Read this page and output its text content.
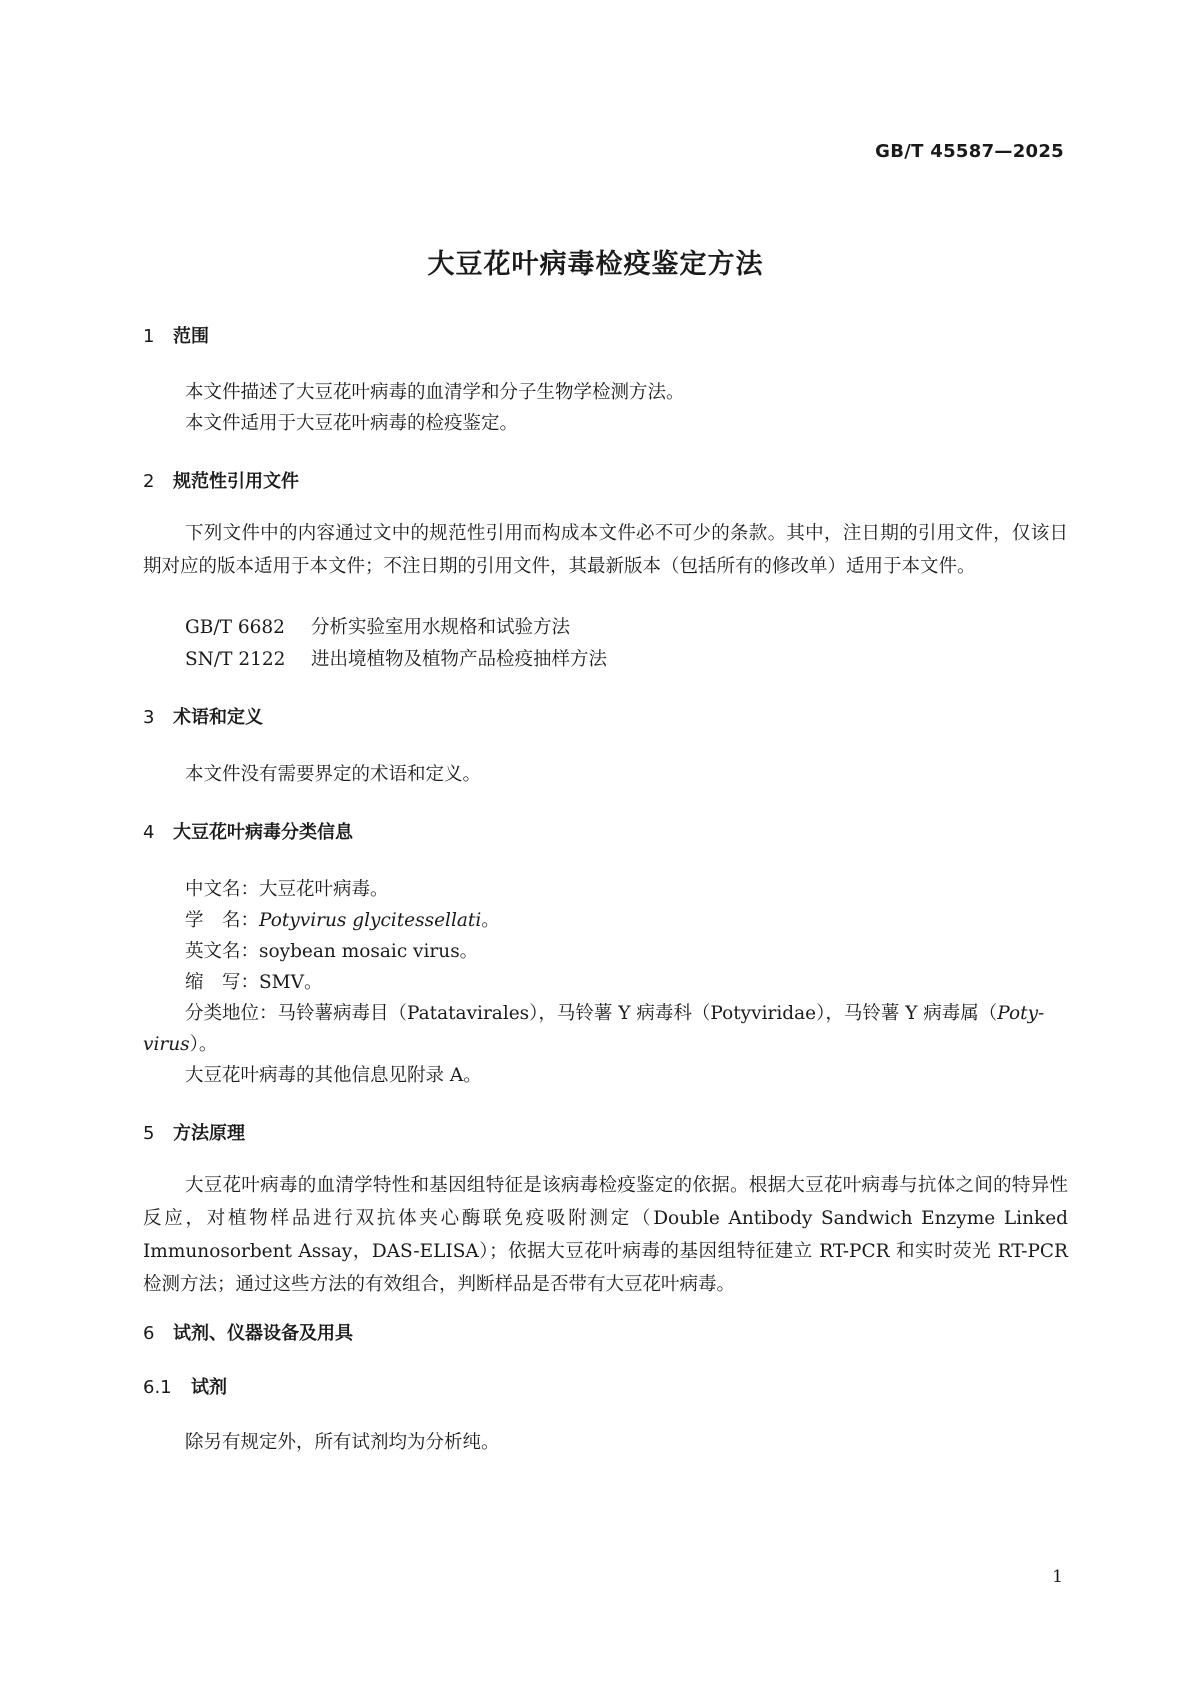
GB/T 45587—2025
大豆花叶病毒检疫鉴定方法
1 范围
本文件描述了大豆花叶病毒的血清学和分子生物学检测方法。
本文件适用于大豆花叶病毒的检疫鉴定。
2 规范性引用文件
下列文件中的内容通过文中的规范性引用而构成本文件必不可少的条款。其中，注日期的引用文件，仅该日期对应的版本适用于本文件；不注日期的引用文件，其最新版本（包括所有的修改单）适用于本文件。
GB/T 6682 分析实验室用水规格和试验方法
SN/T 2122 进出境植物及植物产品检疫抽样方法
3 术语和定义
本文件没有需要界定的术语和定义。
4 大豆花叶病毒分类信息
中文名：大豆花叶病毒。
学　名：Potyvirus glycitessellati。
英文名：soybean mosaic virus。
缩　写：SMV。
分类地位：马铃薯病毒目（Patatavirales），马铃薯 Y 病毒科（Potyviridae），马铃薯 Y 病毒属（Poty-
virus）。
大豆花叶病毒的其他信息见附录 A。
5 方法原理
大豆花叶病毒的血清学特性和基因组特征是该病毒检疫鉴定的依据。根据大豆花叶病毒与抗体之间的特异性反应，对植物样品进行双抗体夹心酶联免疫吸附测定（Double Antibody Sandwich Enzyme Linked Immunosorbent Assay，DAS-ELISA）；依据大豆花叶病毒的基因组特征建立 RT-PCR 和实时荧光 RT-PCR 检测方法；通过这些方法的有效组合，判断样品是否带有大豆花叶病毒。
6 试剂、仪器设备及用具
6.1 试剂
除另有规定外，所有试剂均为分析纯。
1
